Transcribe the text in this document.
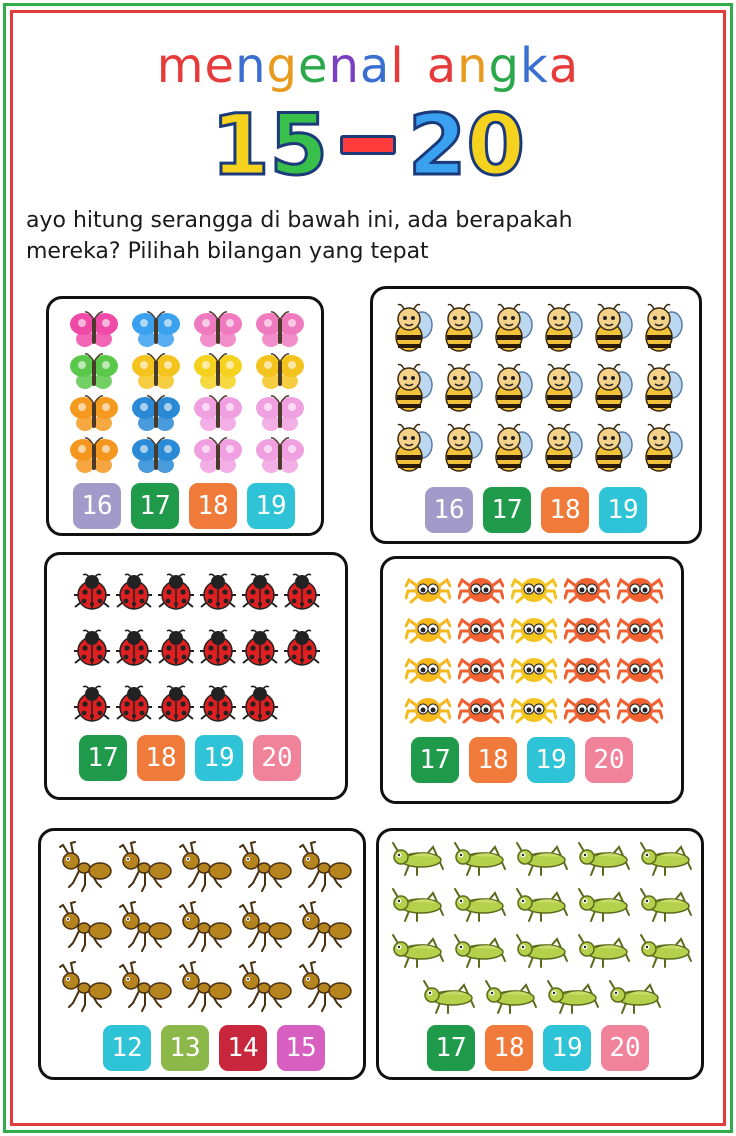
mengenal angka
15 20
ayo hitung serangga di bawah ini, ada berapakah
mereka? Pilihah bilangan yang tepat
16	17	18	19	16	17	18	19
17	18	19	20	17	18	19	20
12	13	14	15	17	18	19	20
